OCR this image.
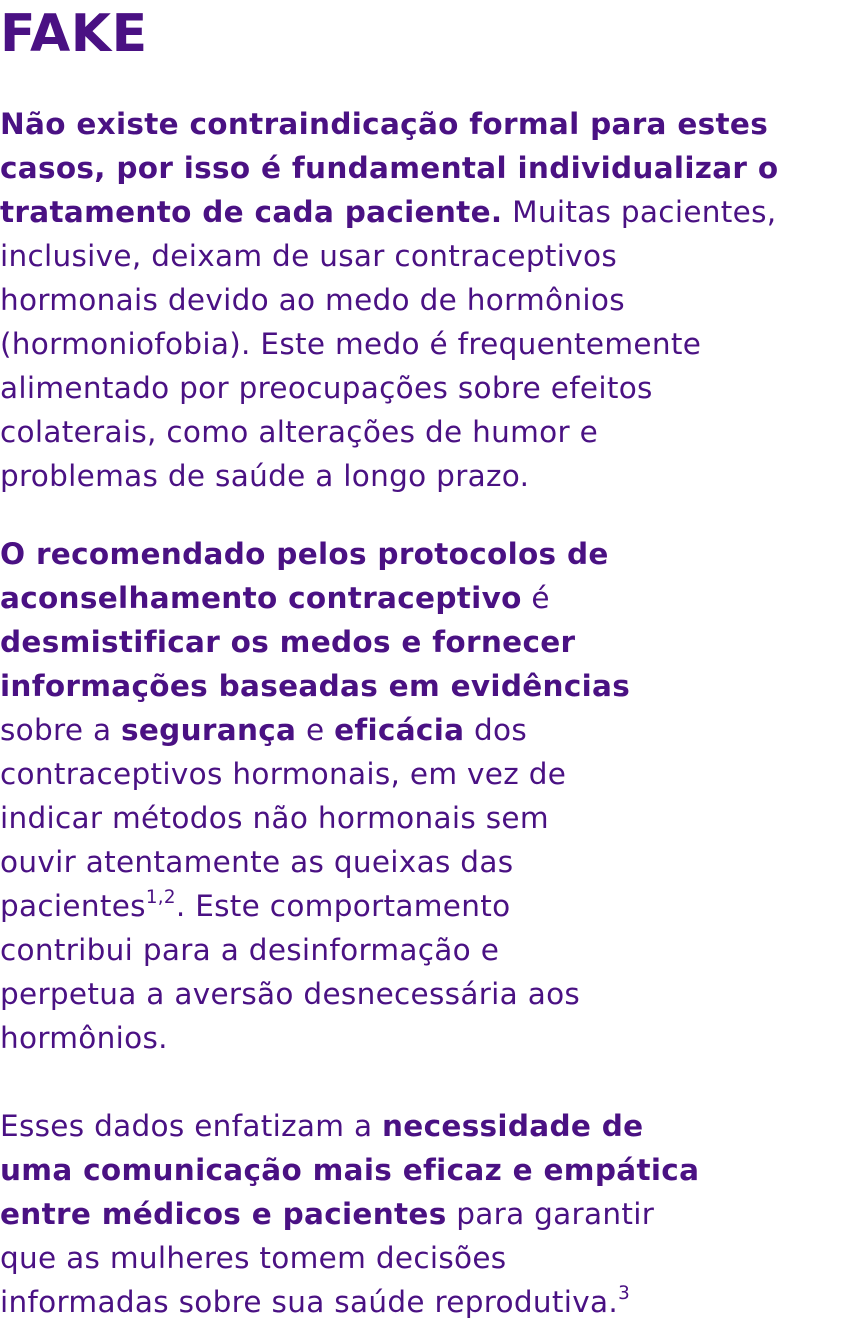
FAKE

Não existe contraindicação formal para estes
casos, por isso é fundamental individualizar o
tratamento de cada paciente. Muitas pacientes,
inclusive, deixam de usar contraceptivos
hormonais devido ao medo de hormônios
(hormoniofobia). Este medo é frequentemente
alimentado por preocupações sobre efeitos
colaterais, como alterações de humor e
problemas de saúde a longo prazo.

O recomendado pelos protocolos de
aconselhamento contraceptivo é
desmistificar os medos e fornecer
informações baseadas em evidências
sobre a segurança e eficácia dos
contraceptivos hormonais, em vez de
indicar métodos não hormonais sem
ouvir atentamente as queixas das
pacientes$^{1,2}$. Este comportamento
contribui para a desinformação e
perpetua a aversão desnecessária aos
hormônios.

Esses dados enfatizam a necessidade de
uma comunicação mais eficaz e empática
entre médicos e pacientes para garantir
que as mulheres tomem decisões
informadas sobre sua saúde reprodutiva.$^3$
